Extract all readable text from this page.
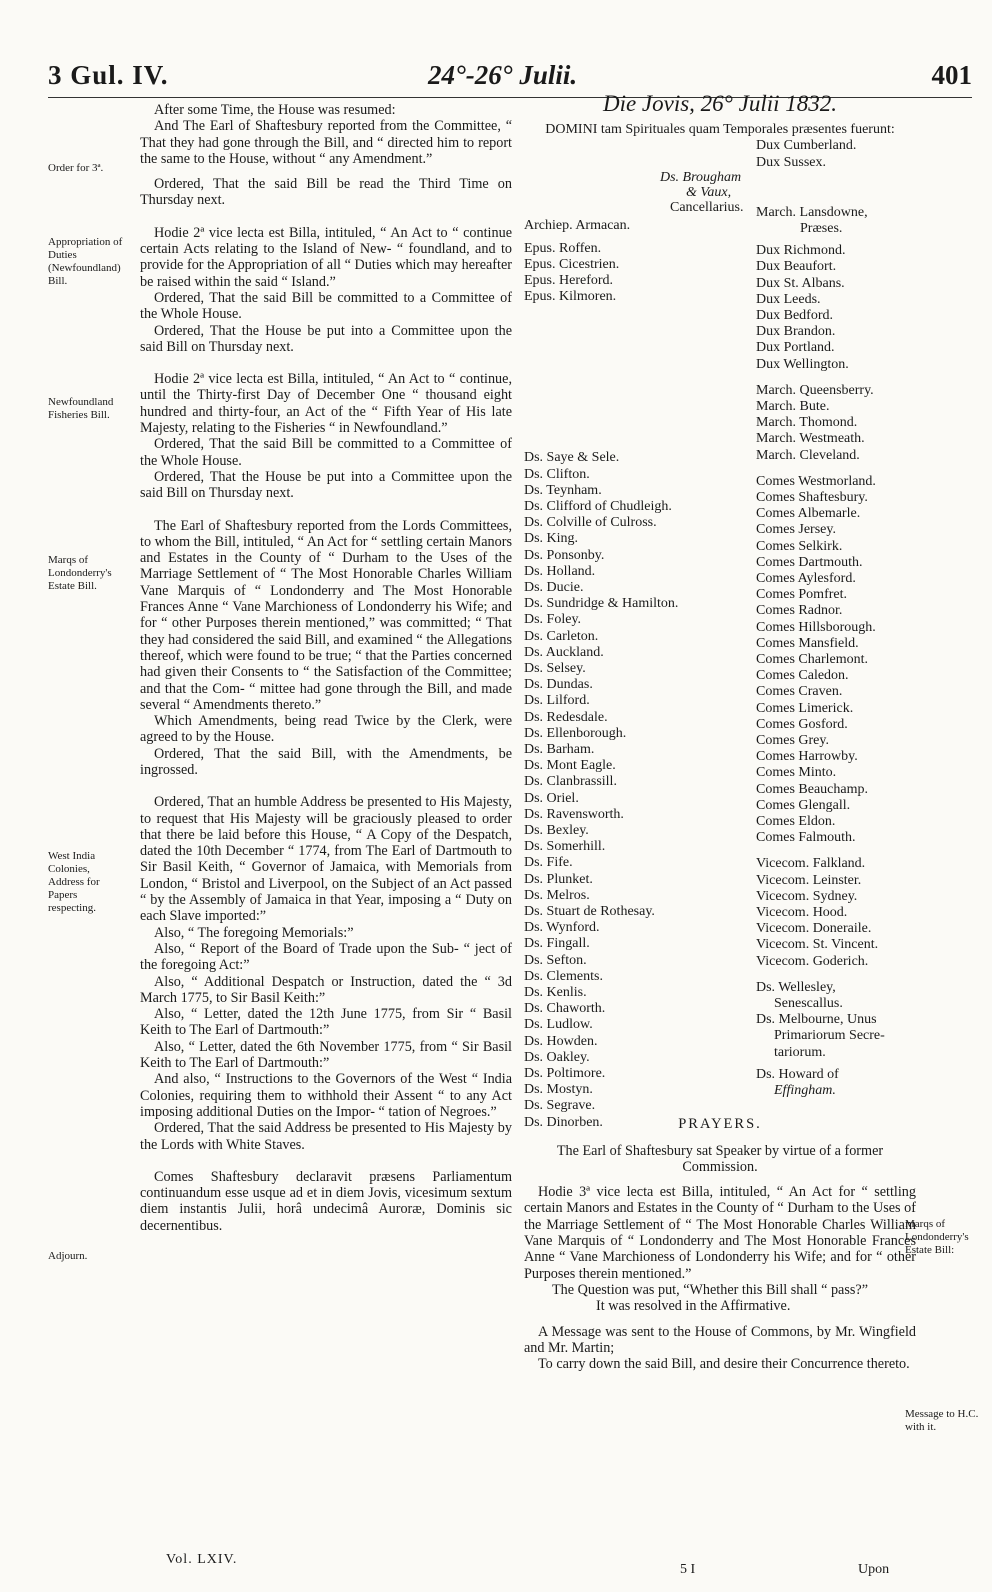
3 Gul. IV.	24°-26° Julii.	401
Order for 3ª.
Appropriation of Duties (Newfoundland) Bill.
Newfoundland Fisheries Bill.
Marqs of Londonderry's Estate Bill.
West India Colonies, Address for Papers respecting.
Adjourn.
Marqs of Londonderry's Estate Bill:
Message to H.C. with it.

After some Time, the House was resumed:

And The Earl of Shaftesbury reported from the Committee, “ That they had gone through the Bill, and “ directed him to report the same to the House, without “ any Amendment.”

Ordered, That the said Bill be read the Third Time on Thursday next.

Hodie 2ª vice lecta est Billa, intituled, “ An Act to “ continue certain Acts relating to the Island of New- “ foundland, and to provide for the Appropriation of all “ Duties which may hereafter be raised within the said “ Island.”

Ordered, That the said Bill be committed to a Committee of the Whole House.

Ordered, That the House be put into a Committee upon the said Bill on Thursday next.

Hodie 2ª vice lecta est Billa, intituled, “ An Act to “ continue, until the Thirty-first Day of December One “ thousand eight hundred and thirty-four, an Act of the “ Fifth Year of His late Majesty, relating to the Fisheries “ in Newfoundland.”

Ordered, That the said Bill be committed to a Committee of the Whole House.

Ordered, That the House be put into a Committee upon the said Bill on Thursday next.

The Earl of Shaftesbury reported from the Lords Committees, to whom the Bill, intituled, “ An Act for “ settling certain Manors and Estates in the County of “ Durham to the Uses of the Marriage Settlement of “ The Most Honorable Charles William Vane Marquis of “ Londonderry and The Most Honorable Frances Anne “ Vane Marchioness of Londonderry his Wife; and for “ other Purposes therein mentioned,” was committed; “ That they had considered the said Bill, and examined “ the Allegations thereof, which were found to be true; “ that the Parties concerned had given their Consents to “ the Satisfaction of the Committee; and that the Com- “ mittee had gone through the Bill, and made several “ Amendments thereto.”

Which Amendments, being read Twice by the Clerk, were agreed to by the House.

Ordered, That the said Bill, with the Amendments, be ingrossed.

Ordered, That an humble Address be presented to His Majesty, to request that His Majesty will be graciously pleased to order that there be laid before this House, “ A Copy of the Despatch, dated the 10th December “ 1774, from The Earl of Dartmouth to Sir Basil Keith, “ Governor of Jamaica, with Memorials from London, “ Bristol and Liverpool, on the Subject of an Act passed “ by the Assembly of Jamaica in that Year, imposing a “ Duty on each Slave imported:”

Also, “ The foregoing Memorials:”

Also, “ Report of the Board of Trade upon the Sub- “ ject of the foregoing Act:”

Also, “ Additional Despatch or Instruction, dated the “ 3d March 1775, to Sir Basil Keith:”

Also, “ Letter, dated the 12th June 1775, from Sir “ Basil Keith to The Earl of Dartmouth:”

Also, “ Letter, dated the 6th November 1775, from “ Sir Basil Keith to The Earl of Dartmouth:”

And also, “ Instructions to the Governors of the West “ India Colonies, requiring them to withhold their Assent “ to any Act imposing additional Duties on the Impor- “ tation of Negroes.”

Ordered, That the said Address be presented to His Majesty by the Lords with White Staves.

Comes Shaftesbury declaravit præsens Parliamentum continuandum esse usque ad et in diem Jovis, vicesimum sextum diem instantis Julii, horâ undecimâ Auroræ, Dominis sic decernentibus.

Die Jovis, 26° Julii 1832.
DOMINI tam Spirituales quam Temporales præsentes fuerunt:
Ds. Brougham
& Vaux,
Cancellarius.
Archiep. Armacan.
Epus. Roffen.
Epus. Cicestrien.
Epus. Hereford.
Epus. Kilmoren.
Ds. Saye & Sele.
Ds. Clifton.
Ds. Teynham.
Ds. Clifford of Chudleigh.
Ds. Colville of Culross.
Ds. King.
Ds. Ponsonby.
Ds. Holland.
Ds. Ducie.
Ds. Sundridge & Hamilton.
Ds. Foley.
Ds. Carleton.
Ds. Auckland.
Ds. Selsey.
Ds. Dundas.
Ds. Lilford.
Ds. Redesdale.
Ds. Ellenborough.
Ds. Barham.
Ds. Mont Eagle.
Ds. Clanbrassill.
Ds. Oriel.
Ds. Ravensworth.
Ds. Bexley.
Ds. Somerhill.
Ds. Fife.
Ds. Plunket.
Ds. Melros.
Ds. Stuart de Rothesay.
Ds. Wynford.
Ds. Fingall.
Ds. Sefton.
Ds. Clements.
Ds. Kenlis.
Ds. Chaworth.
Ds. Ludlow.
Ds. Howden.
Ds. Oakley.
Ds. Poltimore.
Ds. Mostyn.
Ds. Segrave.
Ds. Dinorben.
Dux Cumberland.
Dux Sussex.
March. Lansdowne,
Præses.
Dux Richmond.
Dux Beaufort.
Dux St. Albans.
Dux Leeds.
Dux Bedford.
Dux Brandon.
Dux Portland.
Dux Wellington.
March. Queensberry.
March. Bute.
March. Thomond.
March. Westmeath.
March. Cleveland.
Comes Westmorland.
Comes Shaftesbury.
Comes Albemarle.
Comes Jersey.
Comes Selkirk.
Comes Dartmouth.
Comes Aylesford.
Comes Pomfret.
Comes Radnor.
Comes Hillsborough.
Comes Mansfield.
Comes Charlemont.
Comes Caledon.
Comes Craven.
Comes Limerick.
Comes Gosford.
Comes Grey.
Comes Harrowby.
Comes Minto.
Comes Beauchamp.
Comes Glengall.
Comes Eldon.
Comes Falmouth.
Vicecom. Falkland.
Vicecom. Leinster.
Vicecom. Sydney.
Vicecom. Hood.
Vicecom. Doneraile.
Vicecom. St. Vincent.
Vicecom. Goderich.
Ds. Wellesley,
Senescallus.
Ds. Melbourne, Unus
Primariorum Secre-
tariorum.
Ds. Howard of
Effingham.
PRAYERS.

The Earl of Shaftesbury sat Speaker by virtue of a former Commission.

Hodie 3ª vice lecta est Billa, intituled, “ An Act for “ settling certain Manors and Estates in the County of “ Durham to the Uses of the Marriage Settlement of “ The Most Honorable Charles William Vane Marquis of “ Londonderry and The Most Honorable Frances Anne “ Vane Marchioness of Londonderry his Wife; and for “ other Purposes therein mentioned.”

The Question was put, “Whether this Bill shall “ pass?”

It was resolved in the Affirmative.

A Message was sent to the House of Commons, by Mr. Wingfield and Mr. Martin;

To carry down the said Bill, and desire their Concurrence thereto.

Vol. LXIV.
5 I	Upon
